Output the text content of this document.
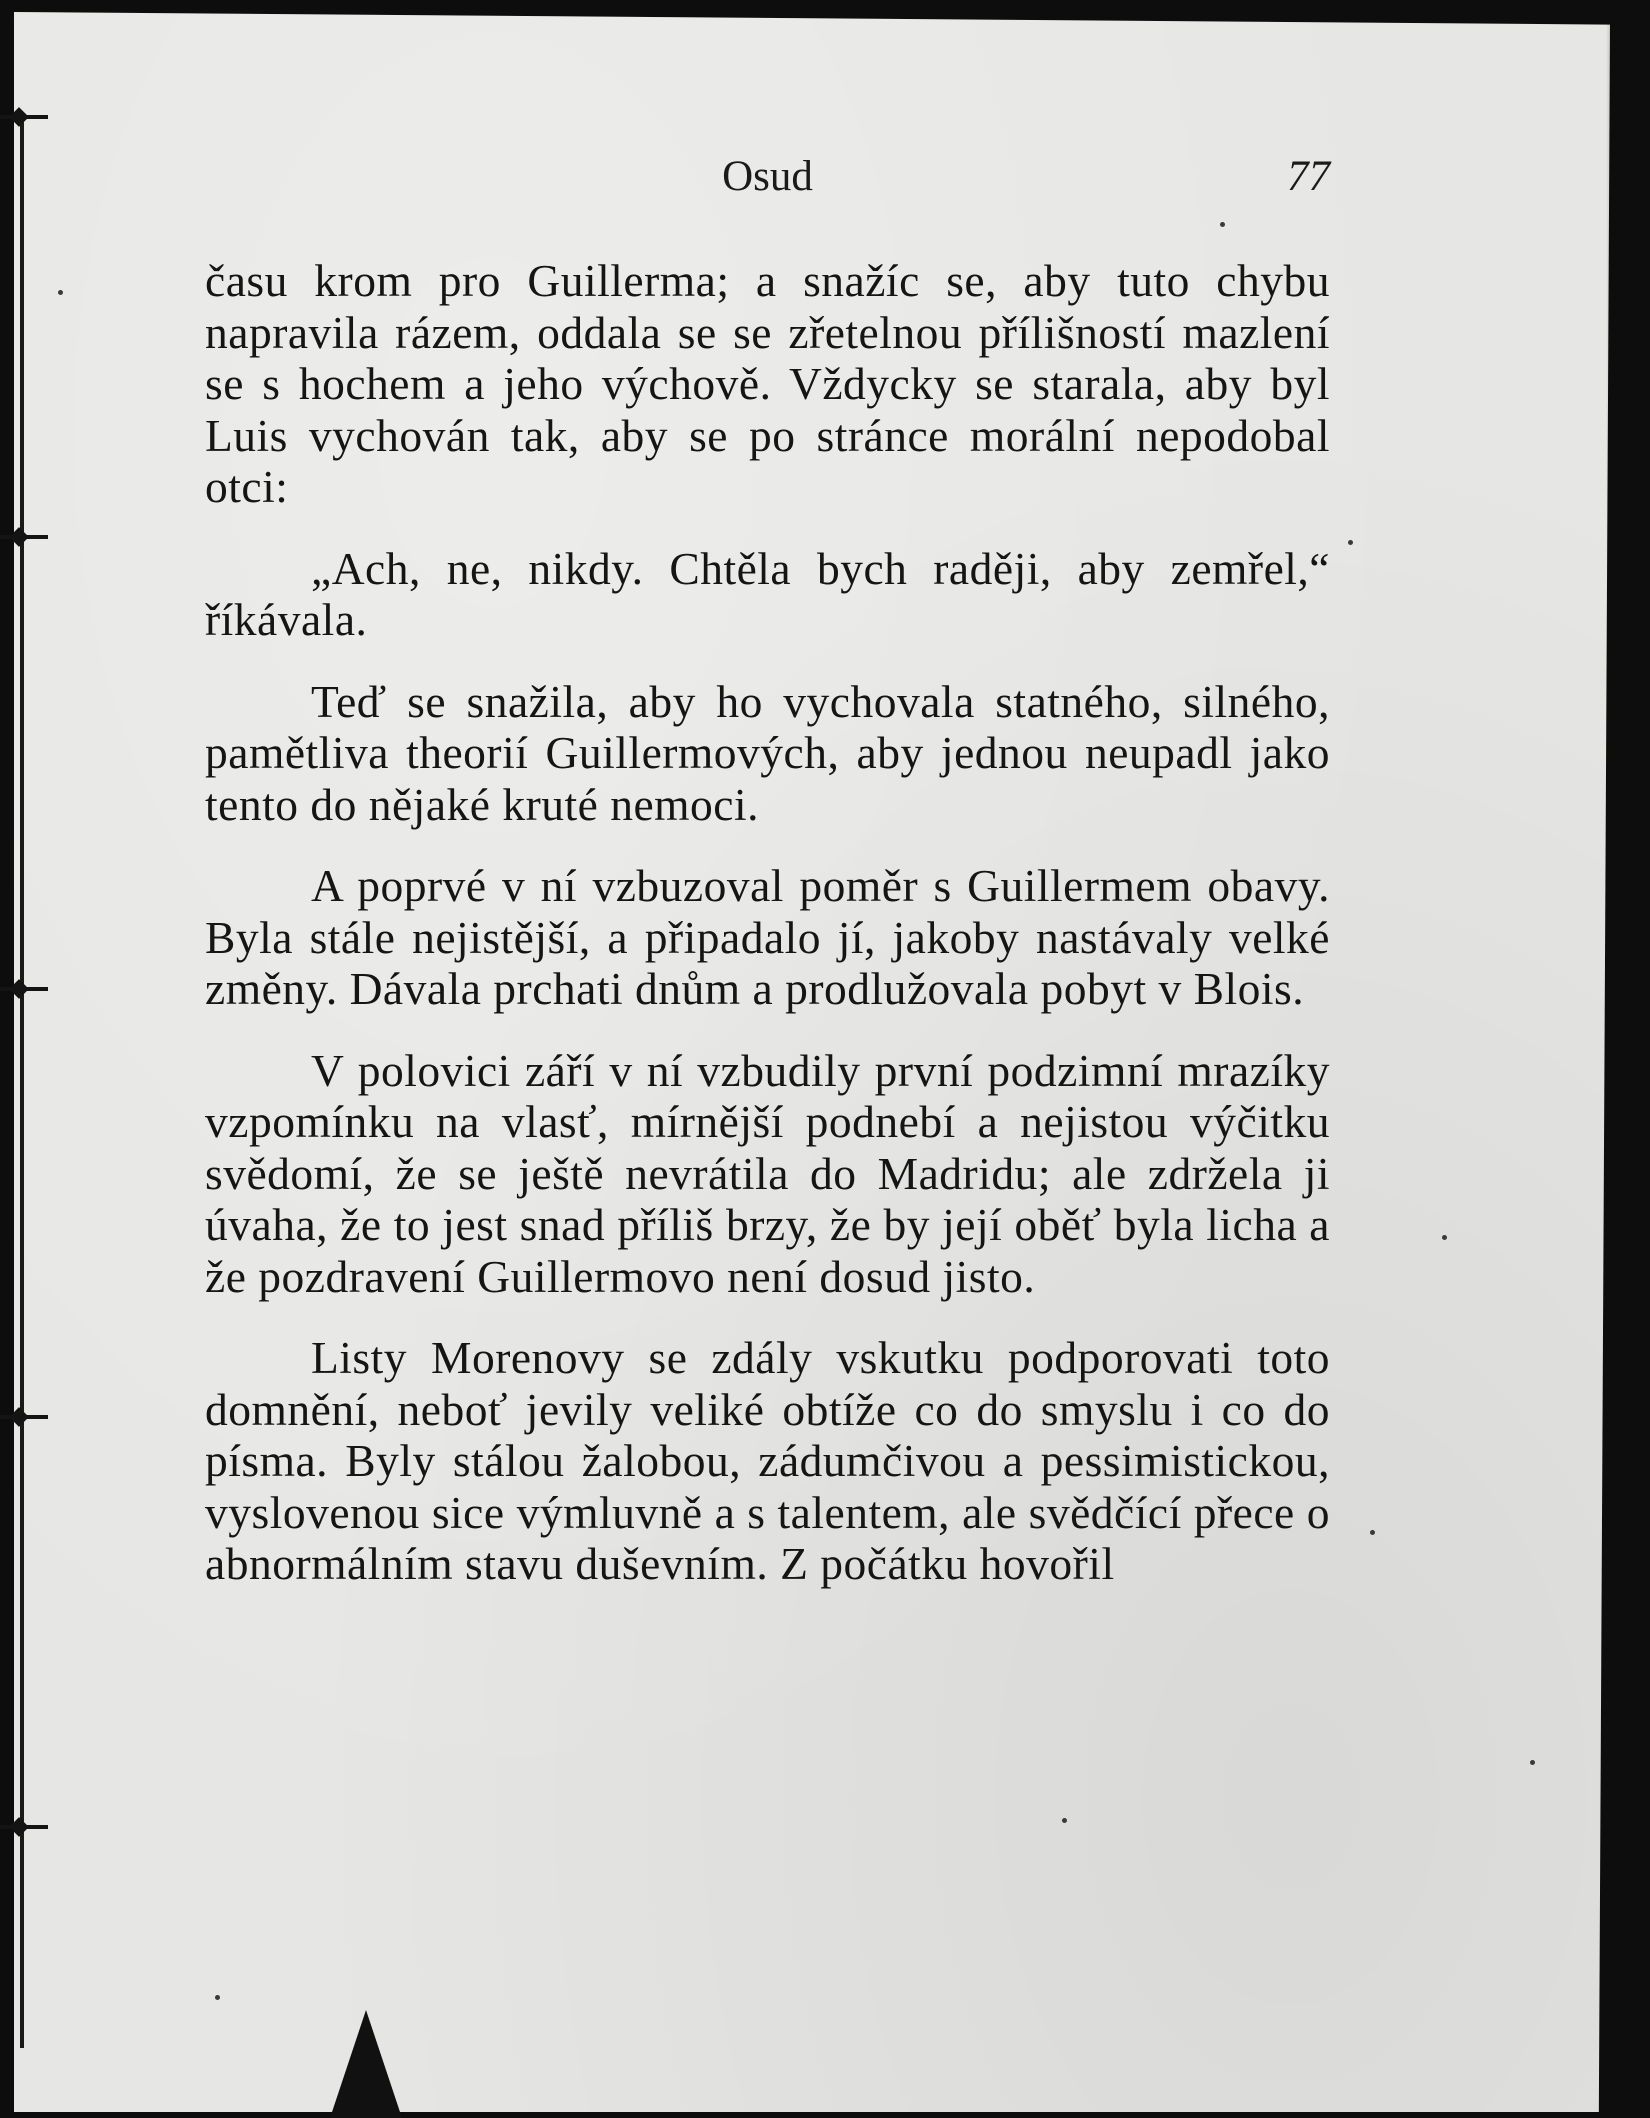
Osud	77

času krom pro Guillerma; a snažíc se, aby tuto chybu napravila rázem, oddala se se zřetelnou přílišností mazlení se s hochem a jeho výchově. Vždycky se starala, aby byl Luis vychován tak, aby se po stránce morální nepodobal otci:

„Ach, ne, nikdy. Chtěla bych raději, aby zemřel,“ říkávala.

Teď se snažila, aby ho vychovala statného, silného, pamětliva theorií Guillermových, aby jednou neupadl jako tento do nějaké kruté nemoci.

A poprvé v ní vzbuzoval poměr s Guillermem obavy. Byla stále nejistější, a připadalo jí, jakoby nastávaly velké změny. Dávala prchati dnům a prodlužovala pobyt v Blois.

V polovici září v ní vzbudily první podzimní mrazíky vzpomínku na vlasť, mírnější podnebí a nejistou výčitku svědomí, že se ještě nevrátila do Madridu; ale zdržela ji úvaha, že to jest snad příliš brzy, že by její oběť byla licha a že pozdravení Guillermovo není dosud jisto.

Listy Morenovy se zdály vskutku podporovati toto domnění, neboť jevily veliké obtíže co do smyslu i co do písma. Byly stálou žalobou, zádumčivou a pessimistickou, vyslovenou sice výmluvně a s talentem, ale svědčící přece o abnormálním stavu duševním. Z počátku hovořil
